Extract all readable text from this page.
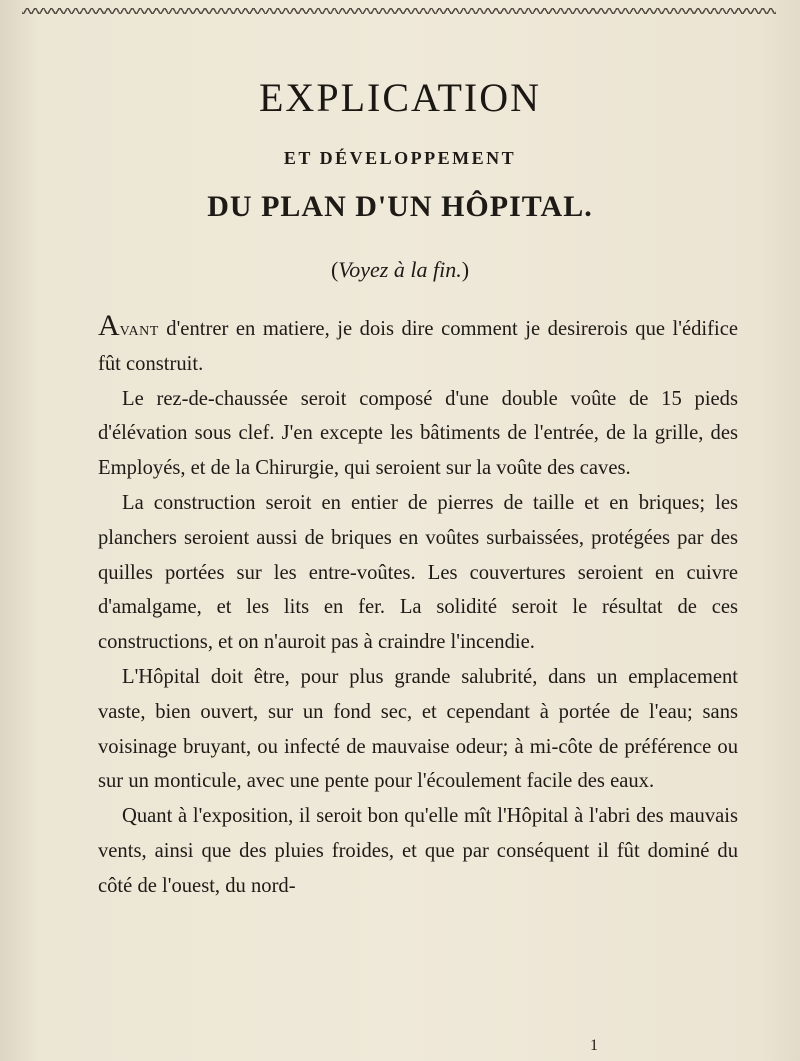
EXPLICATION
ET DÉVELOPPEMENT
DU PLAN D'UN HÔPITAL.
(Voyez à la fin.)

Avant d'entrer en matiere, je dois dire comment je desirerois que l'édifice fût construit.

Le rez-de-chaussée seroit composé d'une double voûte de 15 pieds d'élévation sous clef. J'en excepte les bâtiments de l'entrée, de la grille, des Employés, et de la Chirurgie, qui seroient sur la voûte des caves.

La construction seroit en entier de pierres de taille et en briques; les planchers seroient aussi de briques en voûtes surbaissées, protégées par des quilles portées sur les entre-voûtes. Les couvertures seroient en cuivre d'amalgame, et les lits en fer. La solidité seroit le résultat de ces constructions, et on n'auroit pas à craindre l'incendie.

L'Hôpital doit être, pour plus grande salubrité, dans un emplacement vaste, bien ouvert, sur un fond sec, et cependant à portée de l'eau; sans voisinage bruyant, ou infecté de mauvaise odeur; à mi-côte de préférence ou sur un monticule, avec une pente pour l'écoulement facile des eaux.

Quant à l'exposition, il seroit bon qu'elle mît l'Hôpital à l'abri des mauvais vents, ainsi que des pluies froides, et que par conséquent il fût dominé du côté de l'ouest, du nord-

1
